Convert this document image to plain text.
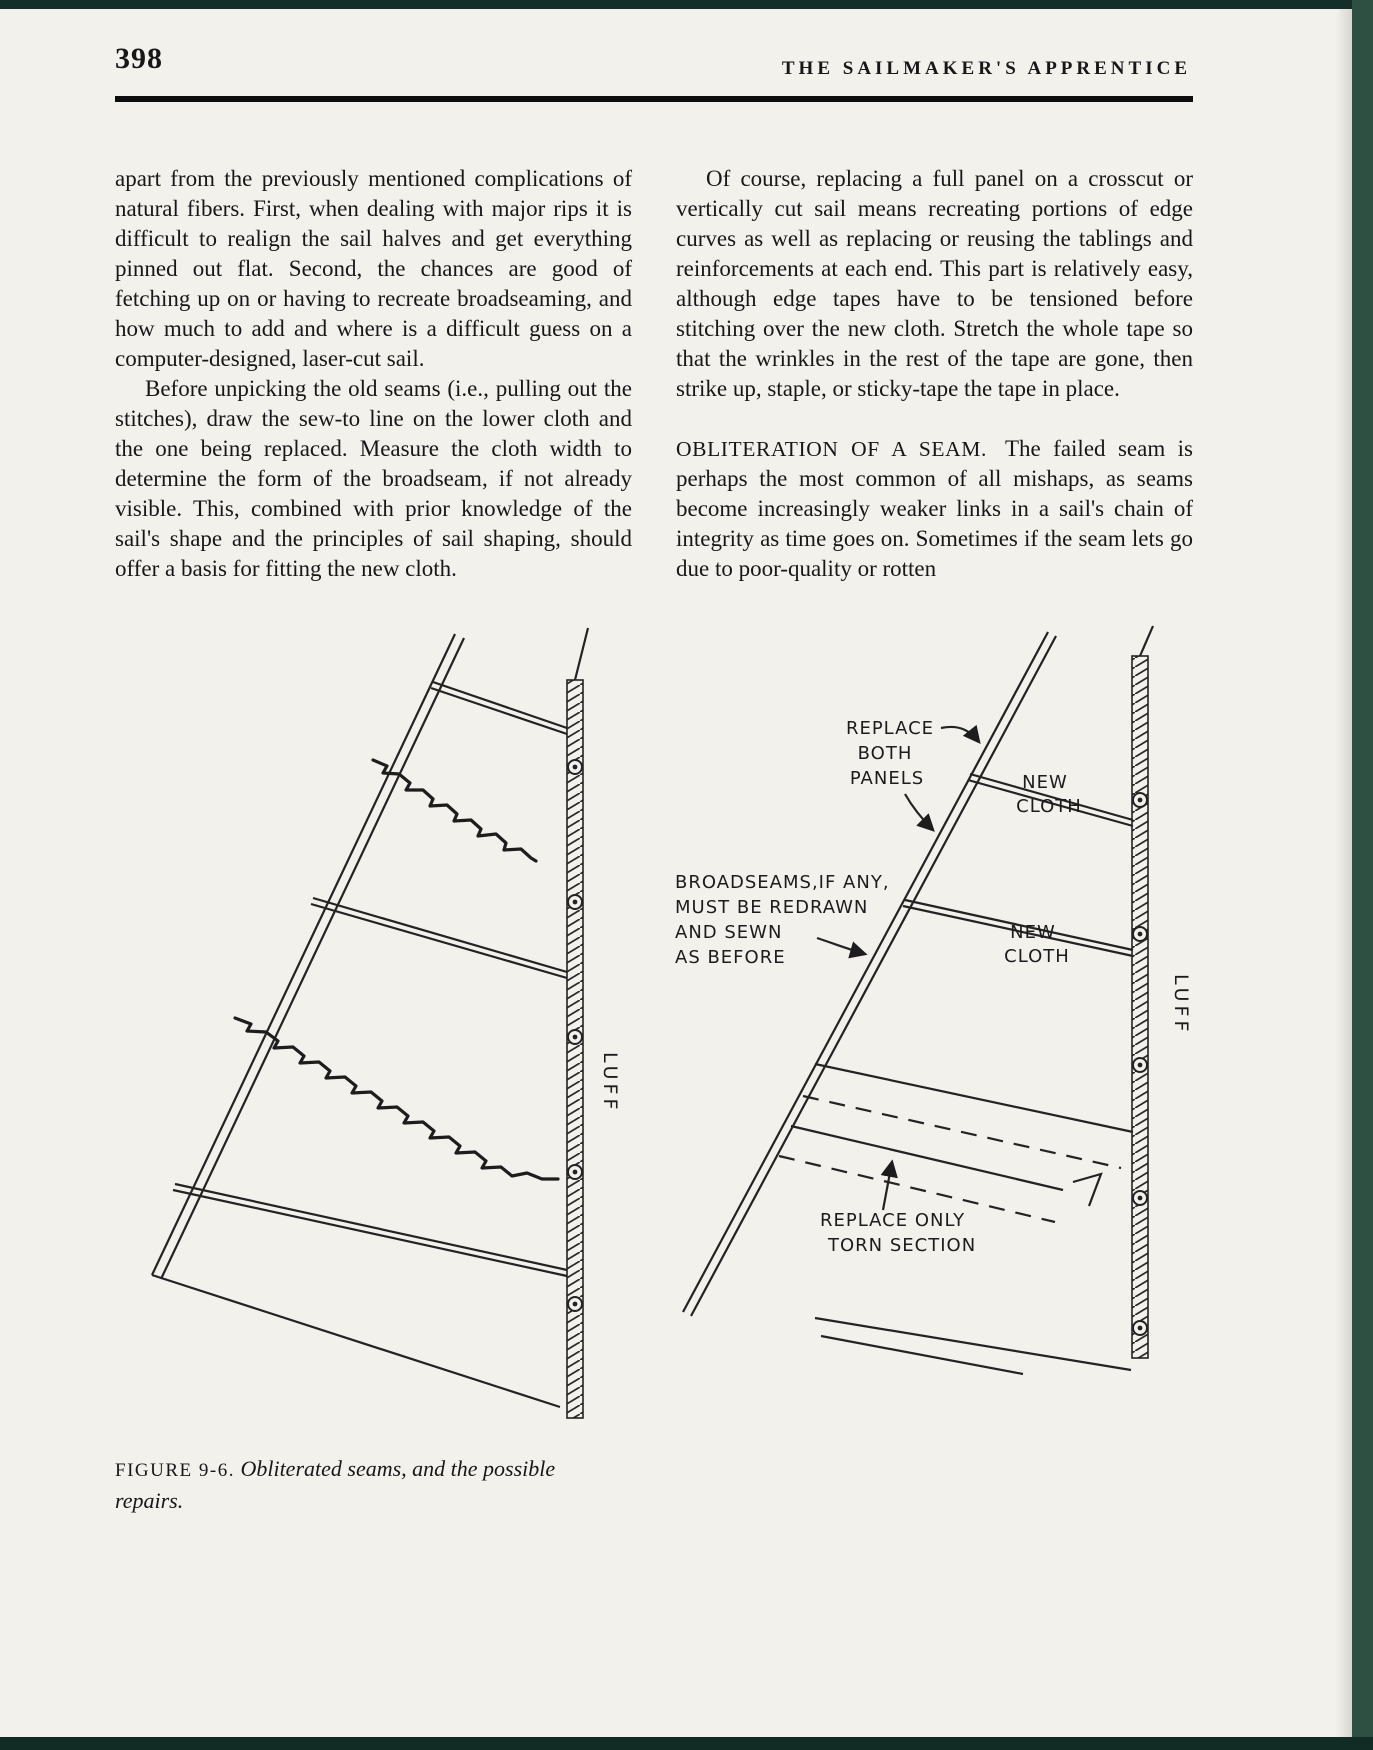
398	THE SAILMAKER'S APPRENTICE

apart from the previously mentioned complications of natural fibers. First, when dealing with major rips it is difficult to realign the sail halves and get everything pinned out flat. Second, the chances are good of fetching up on or having to recreate broadseaming, and how much to add and where is a difficult guess on a computer-designed, laser-cut sail.

Before unpicking the old seams (i.e., pulling out the stitches), draw the sew-to line on the lower cloth and the one being replaced. Measure the cloth width to determine the form of the broadseam, if not already visible. This, combined with prior knowledge of the sail's shape and the principles of sail shaping, should offer a basis for fitting the new cloth.

Of course, replacing a full panel on a crosscut or vertically cut sail means recreating portions of edge curves as well as replacing or reusing the tablings and reinforcements at each end. This part is relatively easy, although edge tapes have to be tensioned before stitching over the new cloth. Stretch the whole tape so that the wrinkles in the rest of the tape are gone, then strike up, staple, or sticky-tape the tape in place.

OBLITERATION OF A SEAM. The failed seam is perhaps the most common of all mishaps, as seams become increasingly weaker links in a sail's chain of integrity as time goes on. Sometimes if the seam lets go due to poor-quality or rotten

LUFF
REPLACE
BOTH
PANELS	NEW
CLOTH
NEW
CLOTH
BROADSEAMS,IF ANY,
MUST BE REDRAWN
AND SEWN
AS BEFORE
REPLACE ONLY
TORN SECTION
LUFF
FIGURE 9-6. Obliterated seams, and the possible repairs.
